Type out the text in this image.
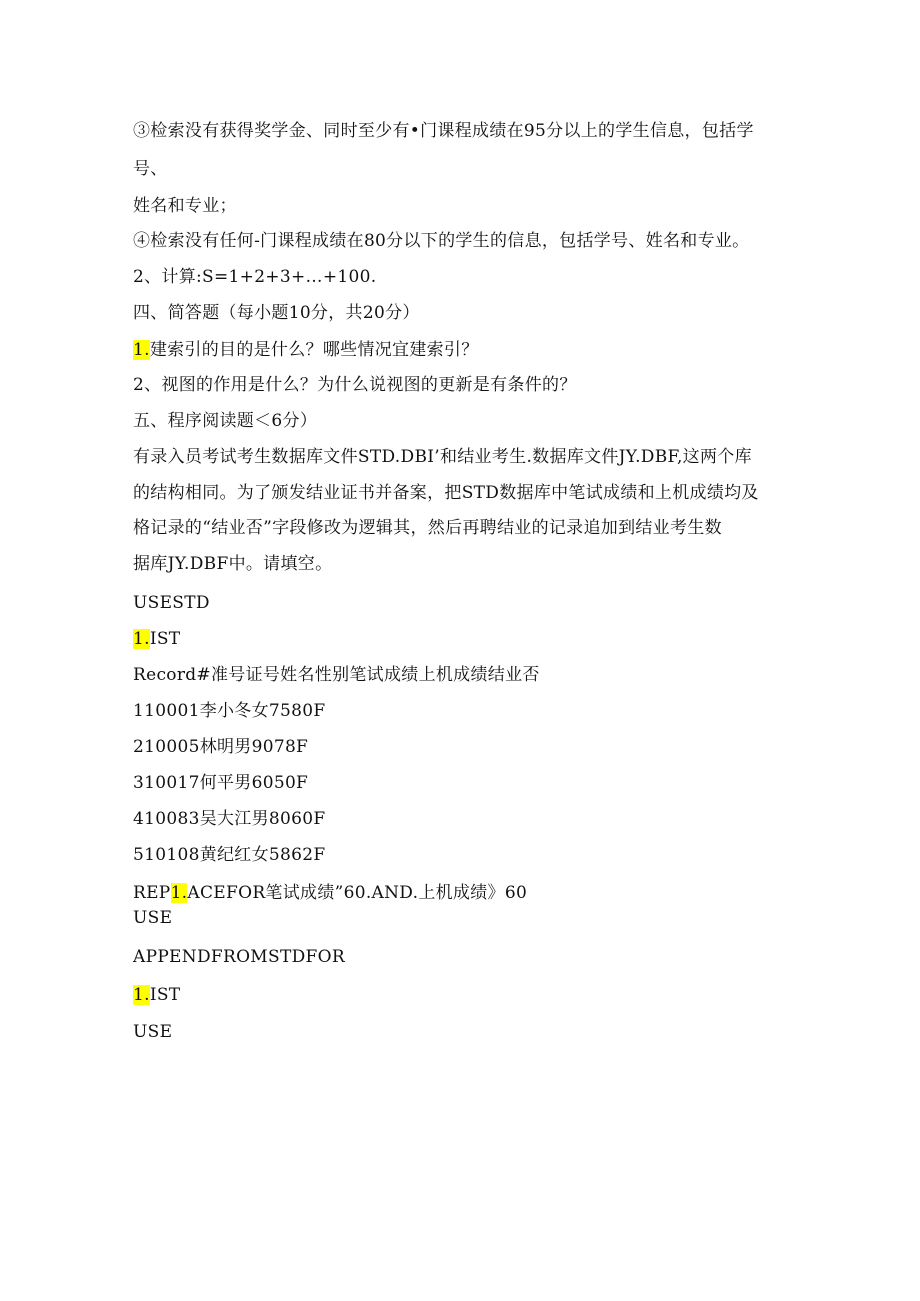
③检索没有获得奖学金、同时至少有•门课程成绩在95分以上的学生信息，包括学
号、
姓名和专业；
④检索没有任何-门课程成绩在80分以下的学生的信息，包括学号、姓名和专业。
2、计算:S=1+2+3+…+100.
四、简答题（每小题10分，共20分）
1.建索引的目的是什么？哪些情况宜建索引？
2、视图的作用是什么？为什么说视图的更新是有条件的？
五、程序阅读题＜6分）
有录入员考试考生数据库文件STD.DBI’和结业考生.数据库文件JY.DBF,这两个库
的结构相同。为了颁发结业证书并备案，把STD数据库中笔试成绩和上机成绩均及
格记录的“结业否”字段修改为逻辑其，然后再聘结业的记录追加到结业考生数
据库JY.DBF中。请填空。
USESTD
1.IST
Record#准号证号姓名性别笔试成绩上机成绩结业否
110001李小冬女7580F
210005林明男9078F
310017何平男6050F
410083吴大江男8060F
510108黄纪红女5862F
REP1.ACEFOR笔试成绩”60.AND.上机成绩》60
USE
APPENDFROMSTDFOR
1.IST
USE
